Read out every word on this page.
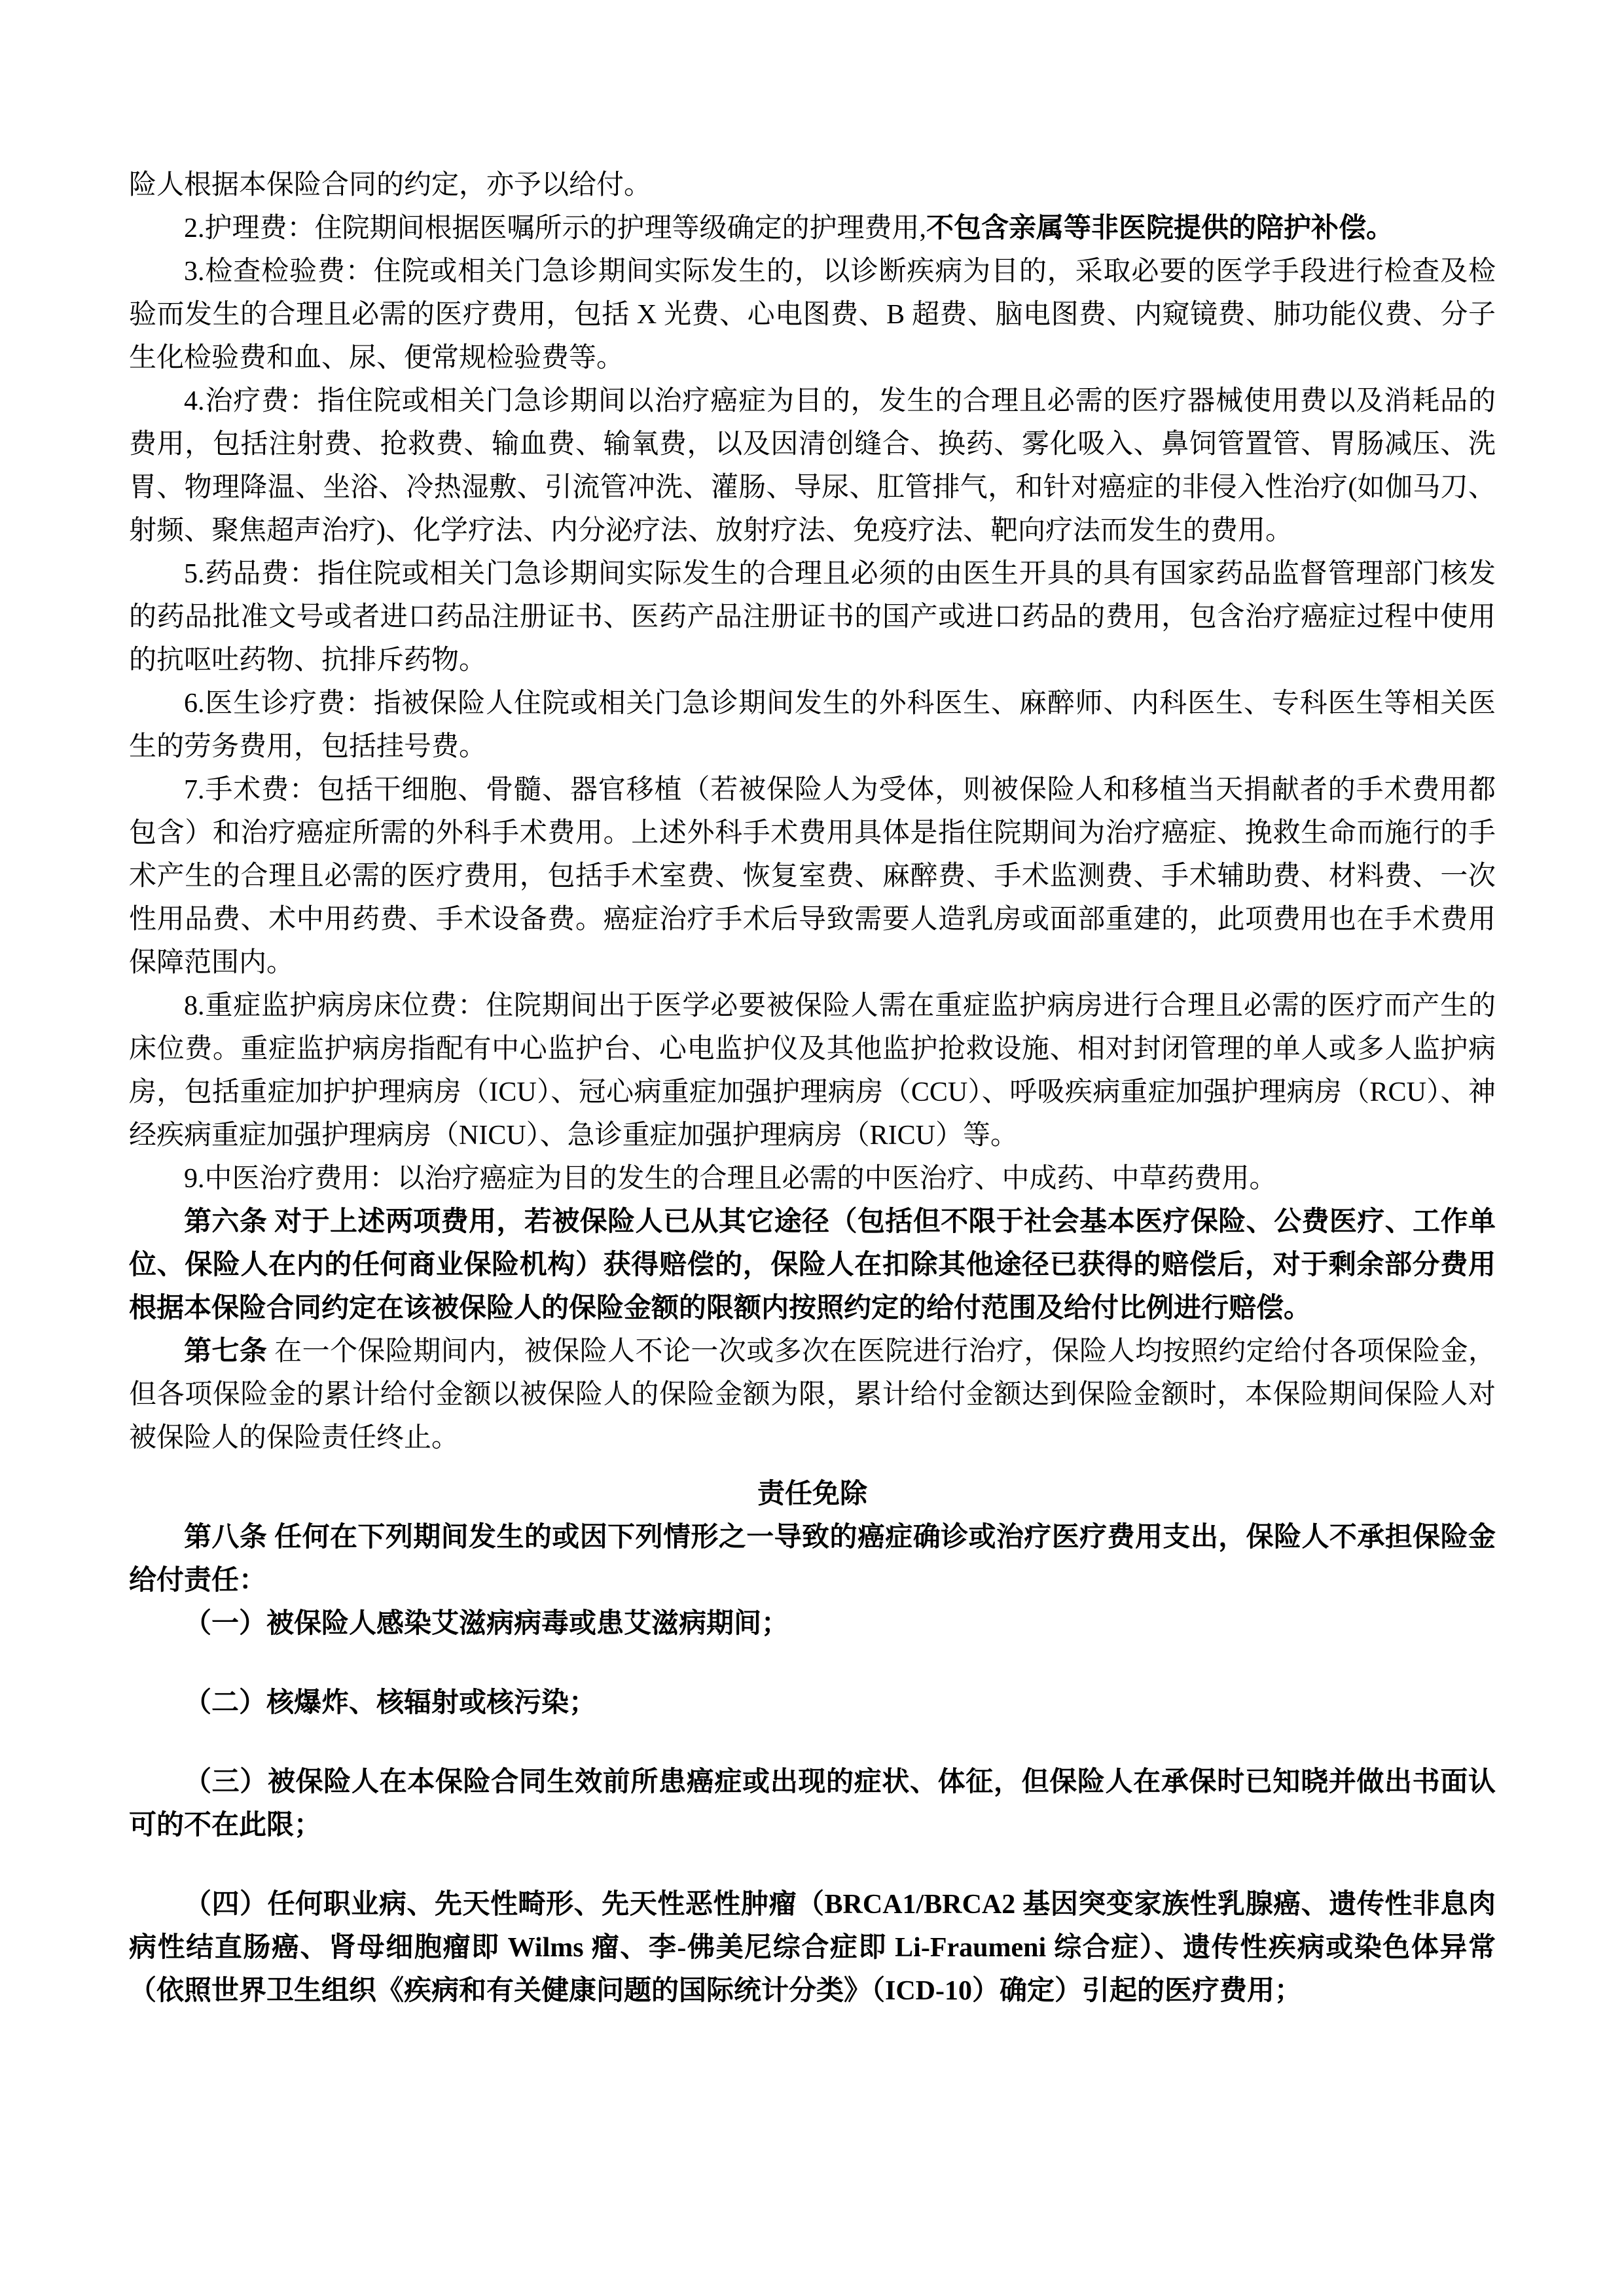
险人根据本保险合同的约定，亦予以给付。

2.护理费：住院期间根据医嘱所示的护理等级确定的护理费用,不包含亲属等非医院提供的陪护补偿。

3.检查检验费：住院或相关门急诊期间实际发生的，以诊断疾病为目的，采取必要的医学手段进行检查及检验而发生的合理且必需的医疗费用，包括 X 光费、心电图费、B 超费、脑电图费、内窥镜费、肺功能仪费、分子生化检验费和血、尿、便常规检验费等。

4.治疗费：指住院或相关门急诊期间以治疗癌症为目的，发生的合理且必需的医疗器械使用费以及消耗品的费用，包括注射费、抢救费、输血费、输氧费，以及因清创缝合、换药、雾化吸入、鼻饲管置管、胃肠减压、洗胃、物理降温、坐浴、冷热湿敷、引流管冲洗、灌肠、导尿、肛管排气，和针对癌症的非侵入性治疗(如伽马刀、射频、聚焦超声治疗)、化学疗法、内分泌疗法、放射疗法、免疫疗法、靶向疗法而发生的费用。

5.药品费：指住院或相关门急诊期间实际发生的合理且必须的由医生开具的具有国家药品监督管理部门核发的药品批准文号或者进口药品注册证书、医药产品注册证书的国产或进口药品的费用，包含治疗癌症过程中使用的抗呕吐药物、抗排斥药物。

6.医生诊疗费：指被保险人住院或相关门急诊期间发生的外科医生、麻醉师、内科医生、专科医生等相关医生的劳务费用，包括挂号费。

7.手术费：包括干细胞、骨髓、器官移植（若被保险人为受体，则被保险人和移植当天捐献者的手术费用都包含）和治疗癌症所需的外科手术费用。上述外科手术费用具体是指住院期间为治疗癌症、挽救生命而施行的手术产生的合理且必需的医疗费用，包括手术室费、恢复室费、麻醉费、手术监测费、手术辅助费、材料费、一次性用品费、术中用药费、手术设备费。癌症治疗手术后导致需要人造乳房或面部重建的，此项费用也在手术费用保障范围内。

8.重症监护病房床位费：住院期间出于医学必要被保险人需在重症监护病房进行合理且必需的医疗而产生的床位费。重症监护病房指配有中心监护台、心电监护仪及其他监护抢救设施、相对封闭管理的单人或多人监护病房，包括重症加护护理病房（ICU）、冠心病重症加强护理病房（CCU）、呼吸疾病重症加强护理病房（RCU）、神经疾病重症加强护理病房（NICU）、急诊重症加强护理病房（RICU）等。

9.中医治疗费用：以治疗癌症为目的发生的合理且必需的中医治疗、中成药、中草药费用。

第六条 对于上述两项费用，若被保险人已从其它途径（包括但不限于社会基本医疗保险、公费医疗、工作单位、保险人在内的任何商业保险机构）获得赔偿的，保险人在扣除其他途径已获得的赔偿后，对于剩余部分费用根据本保险合同约定在该被保险人的保险金额的限额内按照约定的给付范围及给付比例进行赔偿。

第七条 在一个保险期间内，被保险人不论一次或多次在医院进行治疗，保险人均按照约定给付各项保险金，但各项保险金的累计给付金额以被保险人的保险金额为限，累计给付金额达到保险金额时，本保险期间保险人对被保险人的保险责任终止。

责任免除

第八条 任何在下列期间发生的或因下列情形之一导致的癌症确诊或治疗医疗费用支出，保险人不承担保险金给付责任：

（一）被保险人感染艾滋病病毒或患艾滋病期间；

（二）核爆炸、核辐射或核污染；

（三）被保险人在本保险合同生效前所患癌症或出现的症状、体征，但保险人在承保时已知晓并做出书面认可的不在此限；

（四）任何职业病、先天性畸形、先天性恶性肿瘤（BRCA1/BRCA2 基因突变家族性乳腺癌、遗传性非息肉病性结直肠癌、肾母细胞瘤即 Wilms 瘤、李-佛美尼综合症即 Li-Fraumeni 综合症）、遗传性疾病或染色体异常（依照世界卫生组织《疾病和有关健康问题的国际统计分类》（ICD-10）确定）引起的医疗费用；
